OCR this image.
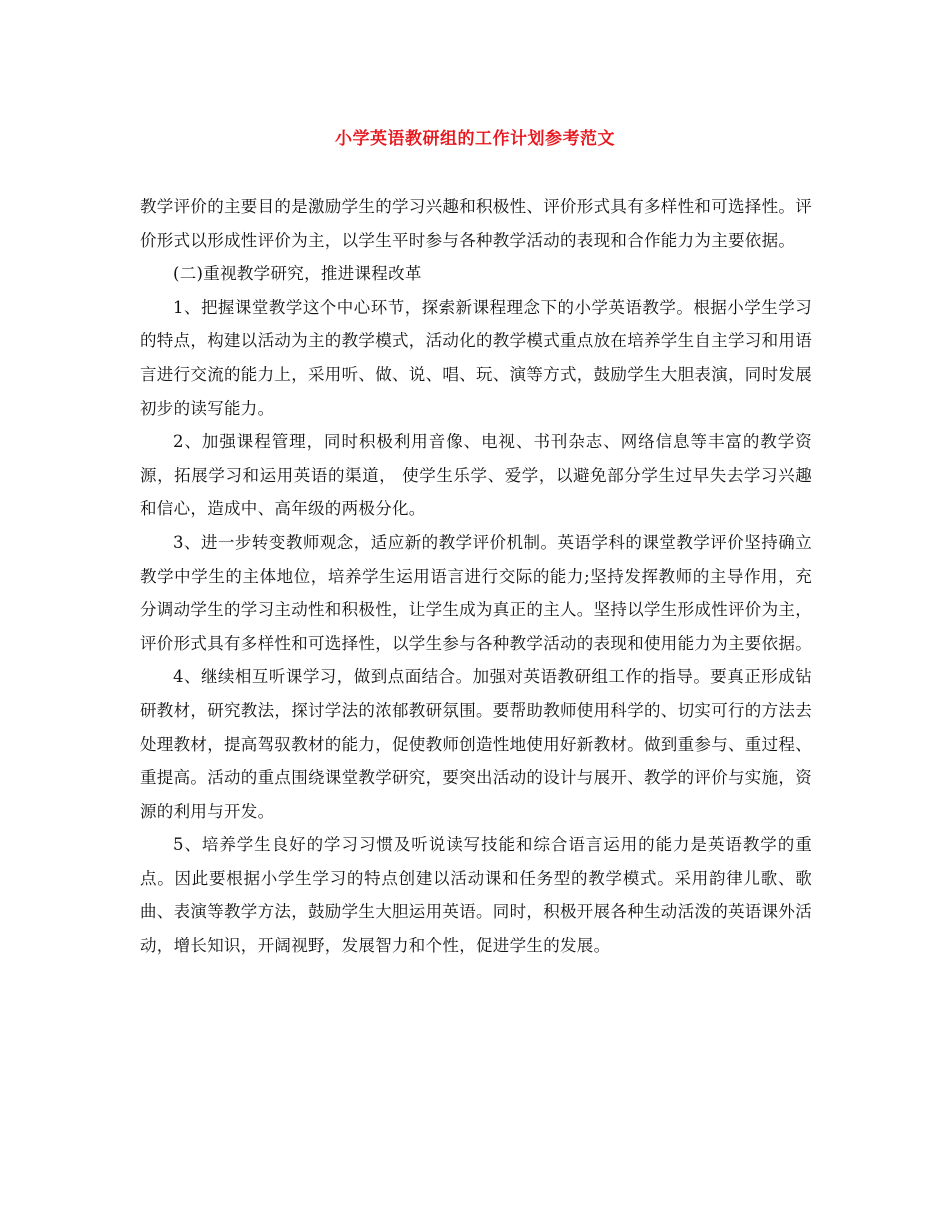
小学英语教研组的工作计划参考范文

教学评价的主要目的是激励学生的学习兴趣和积极性、评价形式具有多样性和可选择性。评价形式以形成性评价为主，以学生平时参与各种教学活动的表现和合作能力为主要依据。

(二)重视教学研究，推进课程改革

1、把握课堂教学这个中心环节，探索新课程理念下的小学英语教学。根据小学生学习的特点，构建以活动为主的教学模式，活动化的教学模式重点放在培养学生自主学习和用语言进行交流的能力上，采用听、做、说、唱、玩、演等方式，鼓励学生大胆表演，同时发展初步的读写能力。

2、加强课程管理，同时积极利用音像、电视、书刊杂志、网络信息等丰富的教学资源，拓展学习和运用英语的渠道， 使学生乐学、爱学，以避免部分学生过早失去学习兴趣和信心，造成中、高年级的两极分化。

3、进一步转变教师观念，适应新的教学评价机制。英语学科的课堂教学评价坚持确立教学中学生的主体地位，培养学生运用语言进行交际的能力;坚持发挥教师的主导作用，充分调动学生的学习主动性和积极性，让学生成为真正的主人。坚持以学生形成性评价为主，评价形式具有多样性和可选择性，以学生参与各种教学活动的表现和使用能力为主要依据。

4、继续相互听课学习，做到点面结合。加强对英语教研组工作的指导。要真正形成钻研教材，研究教法，探讨学法的浓郁教研氛围。要帮助教师使用科学的、切实可行的方法去处理教材，提高驾驭教材的能力，促使教师创造性地使用好新教材。做到重参与、重过程、重提高。活动的重点围绕课堂教学研究，要突出活动的设计与展开、教学的评价与实施，资源的利用与开发。

5、培养学生良好的学习习惯及听说读写技能和综合语言运用的能力是英语教学的重点。因此要根据小学生学习的特点创建以活动课和任务型的教学模式。采用韵律儿歌、歌曲、表演等教学方法，鼓励学生大胆运用英语。同时，积极开展各种生动活泼的英语课外活动，增长知识，开阔视野，发展智力和个性，促进学生的发展。
